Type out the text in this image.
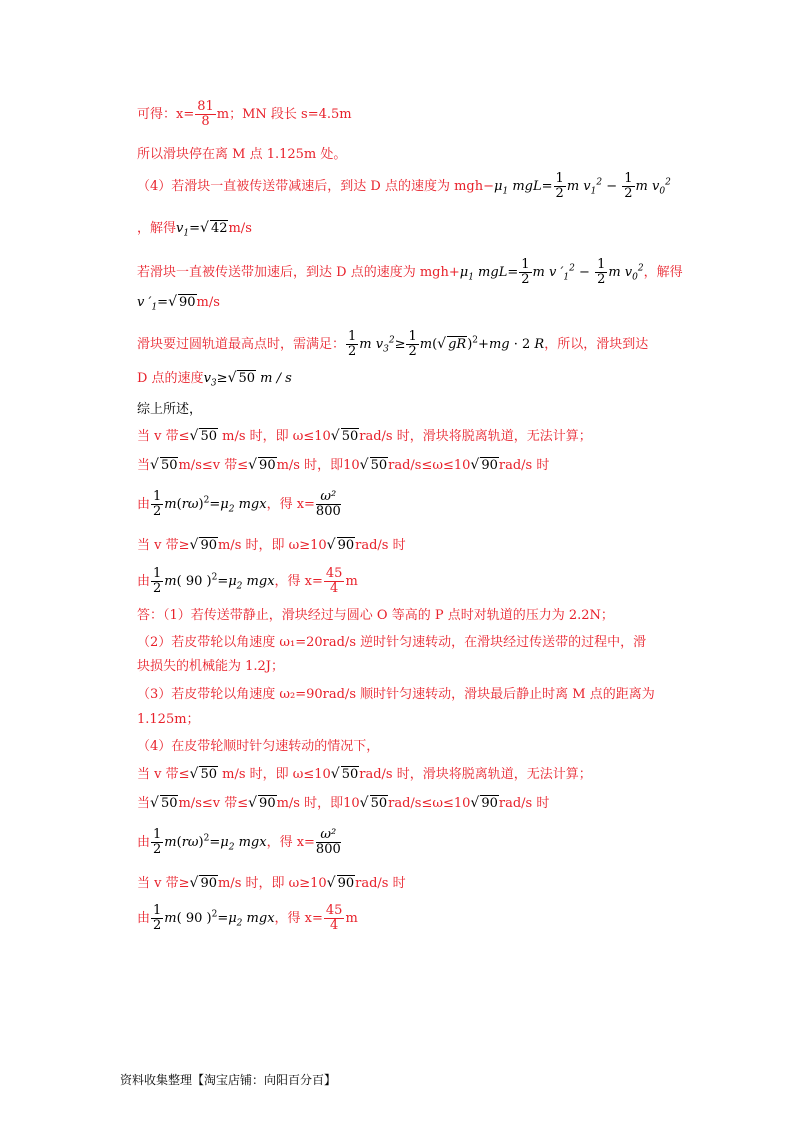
可得：$x= \frac{81}{8}$ m；MN 段长 s=4.5m
所以滑块停在离 M 点 1.125m 处。
（4）若滑块一直被传送带减速后，到达 D 点的速度为 $mgh-\mu_1$ $mgL= \frac{1}{2}$ m $v_1^2 - \frac{1}{2}$ m $v_0^2$
，解得$v_1=√$ 42m/s
若滑块一直被传送带加速后，到达 D 点的速度为 $mgh+\mu_1$ $mgL= \frac{1}{2}$ m v $'_1^2 - \frac{1}{2}$ m $v_0^2$，解得
v $'_1=√$ 90m/s
滑块要过圆轨道最高点时，需满足： $\frac{1}{2}$ m $v_3^2\ge \frac{1}{2} m(√$ gR)$^2$+mg · 2 R，所以，滑块到达
D 点的速度$v_3\ge√$ 50 m / s
综上所述，
当 v 带≤√ 50 m/s 时，即 ω≤10√ 50rad/s 时，滑块将脱离轨道，无法计算；
当√ 50m/s≤v 带≤√ 90m/s 时，即10√ 50rad/s≤ω≤10√ 90rad/s 时
由 $\frac{1}{2} m(r\omega)^2=\mu_2$ mgx，得 $x= \frac{\text{ω²}}{800}$
当 v 带≥√ 90m/s 时，即 ω≥10√ 90rad/s 时
由 $\frac{1}{2} m$( 90 )$^2=\mu_2$ mgx，得 $x= \frac{45}{4}$ m
答：（1）若传送带静止，滑块经过与圆心 O 等高的 P 点时对轨道的压力为 2.2N；
（2）若皮带轮以角速度 ω₁=20rad/s 逆时针匀速转动，在滑块经过传送带的过程中，滑
块损失的机械能为 1.2J；
（3）若皮带轮以角速度 ω₂=90rad/s 顺时针匀速转动，滑块最后静止时离 M 点的距离为
1.125m；
（4）在皮带轮顺时针匀速转动的情况下，
当 v 带≤√ 50 m/s 时，即 ω≤10√ 50rad/s 时，滑块将脱离轨道，无法计算；
当√ 50m/s≤v 带≤√ 90m/s 时，即10√ 50rad/s≤ω≤10√ 90rad/s 时
由 $\frac{1}{2} m(r\omega)^2=\mu_2$ mgx，得 $x= \frac{\text{ω²}}{800}$
当 v 带≥√ 90m/s 时，即 ω≥10√ 90rad/s 时
由 $\frac{1}{2} m$( 90 )$^2=\mu_2$ mgx，得 $x= \frac{45}{4}$ m
资料收集整理【淘宝店铺：向阳百分百】
